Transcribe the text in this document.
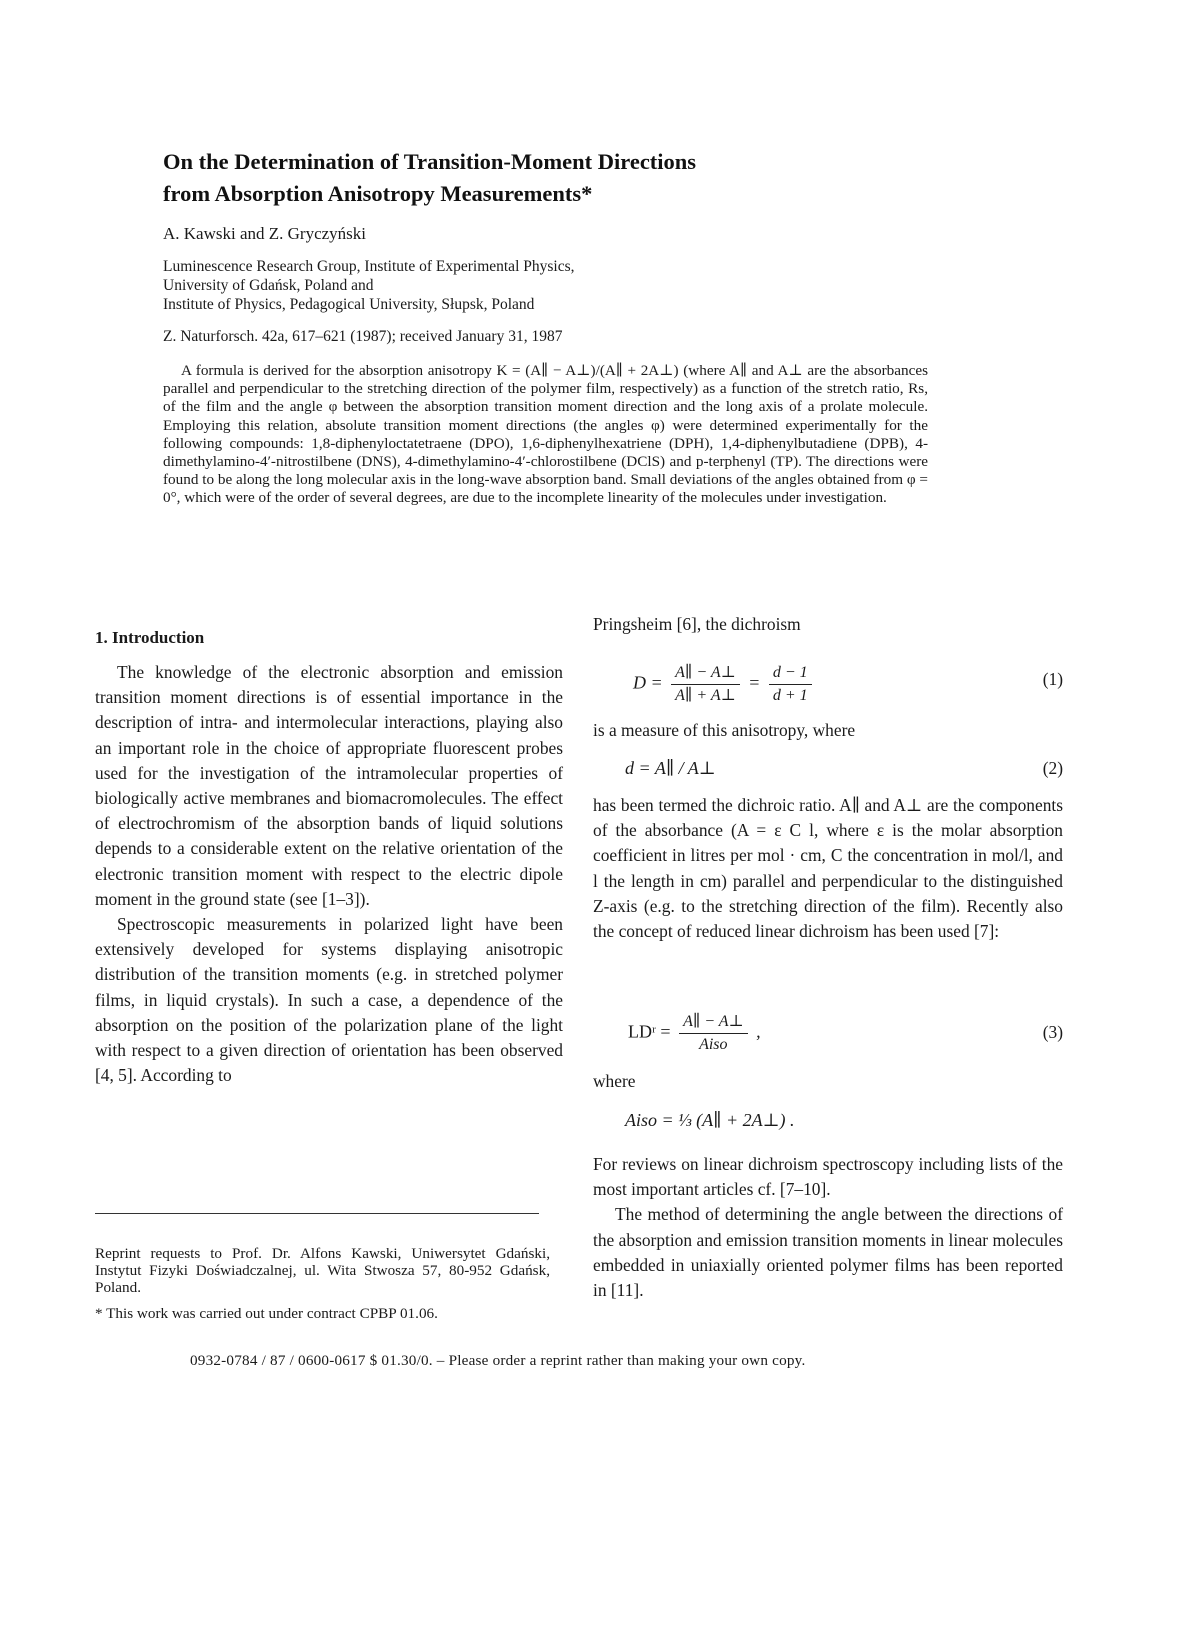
On the Determination of Transition-Moment Directions
from Absorption Anisotropy Measurements*
A. Kawski and Z. Gryczyński
Luminescence Research Group, Institute of Experimental Physics,
University of Gdańsk, Poland and
Institute of Physics, Pedagogical University, Słupsk, Poland
Z. Naturforsch. 42a, 617–621 (1987); received January 31, 1987

A formula is derived for the absorption anisotropy K = (A∥ − A⊥)/(A∥ + 2A⊥) (where A∥ and A⊥ are the absorbances parallel and perpendicular to the stretching direction of the polymer film, respectively) as a function of the stretch ratio, Rs, of the film and the angle φ between the absorption transition moment direction and the long axis of a prolate molecule. Employing this relation, absolute transition moment directions (the angles φ) were determined experimentally for the following compounds: 1,8-diphenyloctatetraene (DPO), 1,6-diphenylhexatriene (DPH), 1,4-diphenylbutadiene (DPB), 4-dimethylamino-4′-nitrostilbene (DNS), 4-dimethylamino-4′-chlorostilbene (DClS) and p-terphenyl (TP). The directions were found to be along the long molecular axis in the long-wave absorption band. Small deviations of the angles obtained from φ = 0°, which were of the order of several degrees, are due to the incomplete linearity of the molecules under investigation.

1. Introduction

The knowledge of the electronic absorption and emission transition moment directions is of essential importance in the description of intra- and intermolecular interactions, playing also an important role in the choice of appropriate fluorescent probes used for the investigation of the intramolecular properties of biologically active membranes and biomacromolecules. The effect of electrochromism of the absorption bands of liquid solutions depends to a considerable extent on the relative orientation of the electronic transition moment with respect to the electric dipole moment in the ground state (see [1–3]).

Spectroscopic measurements in polarized light have been extensively developed for systems displaying anisotropic distribution of the transition moments (e.g. in stretched polymer films, in liquid crystals). In such a case, a dependence of the absorption on the position of the polarization plane of the light with respect to a given direction of orientation has been observed [4, 5]. According to

Pringsheim [6], the dichroism
$D = \frac{A\parallel - A\perp}{A\parallel + A\perp} = \frac{d - 1}{d + 1}$	(1)
is a measure of this anisotropy, where
d = A∥ / A⊥	(2)
has been termed the dichroic ratio. A∥ and A⊥ are the components of the absorbance (A = ε C l, where ε is the molar absorption coefficient in litres per mol · cm, C the concentration in mol/l, and l the length in cm) parallel and perpendicular to the distinguished Z-axis (e.g. to the stretching direction of the film). Recently also the concept of reduced linear dichroism has been used [7]:
LDʳ = $\frac{A\parallel - A\perp}{\text{Aiso}}$ ,	(3)
where
Aiso = ⅓ (A∥ + 2A⊥) .

For reviews on linear dichroism spectroscopy including lists of the most important articles cf. [7–10].

The method of determining the angle between the directions of the absorption and emission transition moments in linear molecules embedded in uniaxially oriented polymer films has been reported in [11].

Reprint requests to Prof. Dr. Alfons Kawski, Uniwersytet Gdański, Instytut Fizyki Doświadczalnej, ul. Wita Stwosza 57, 80-952 Gdańsk, Poland.
* This work was carried out under contract CPBP 01.06.
0932-0784 / 87 / 0600-0617 $ 01.30/0. – Please order a reprint rather than making your own copy.
